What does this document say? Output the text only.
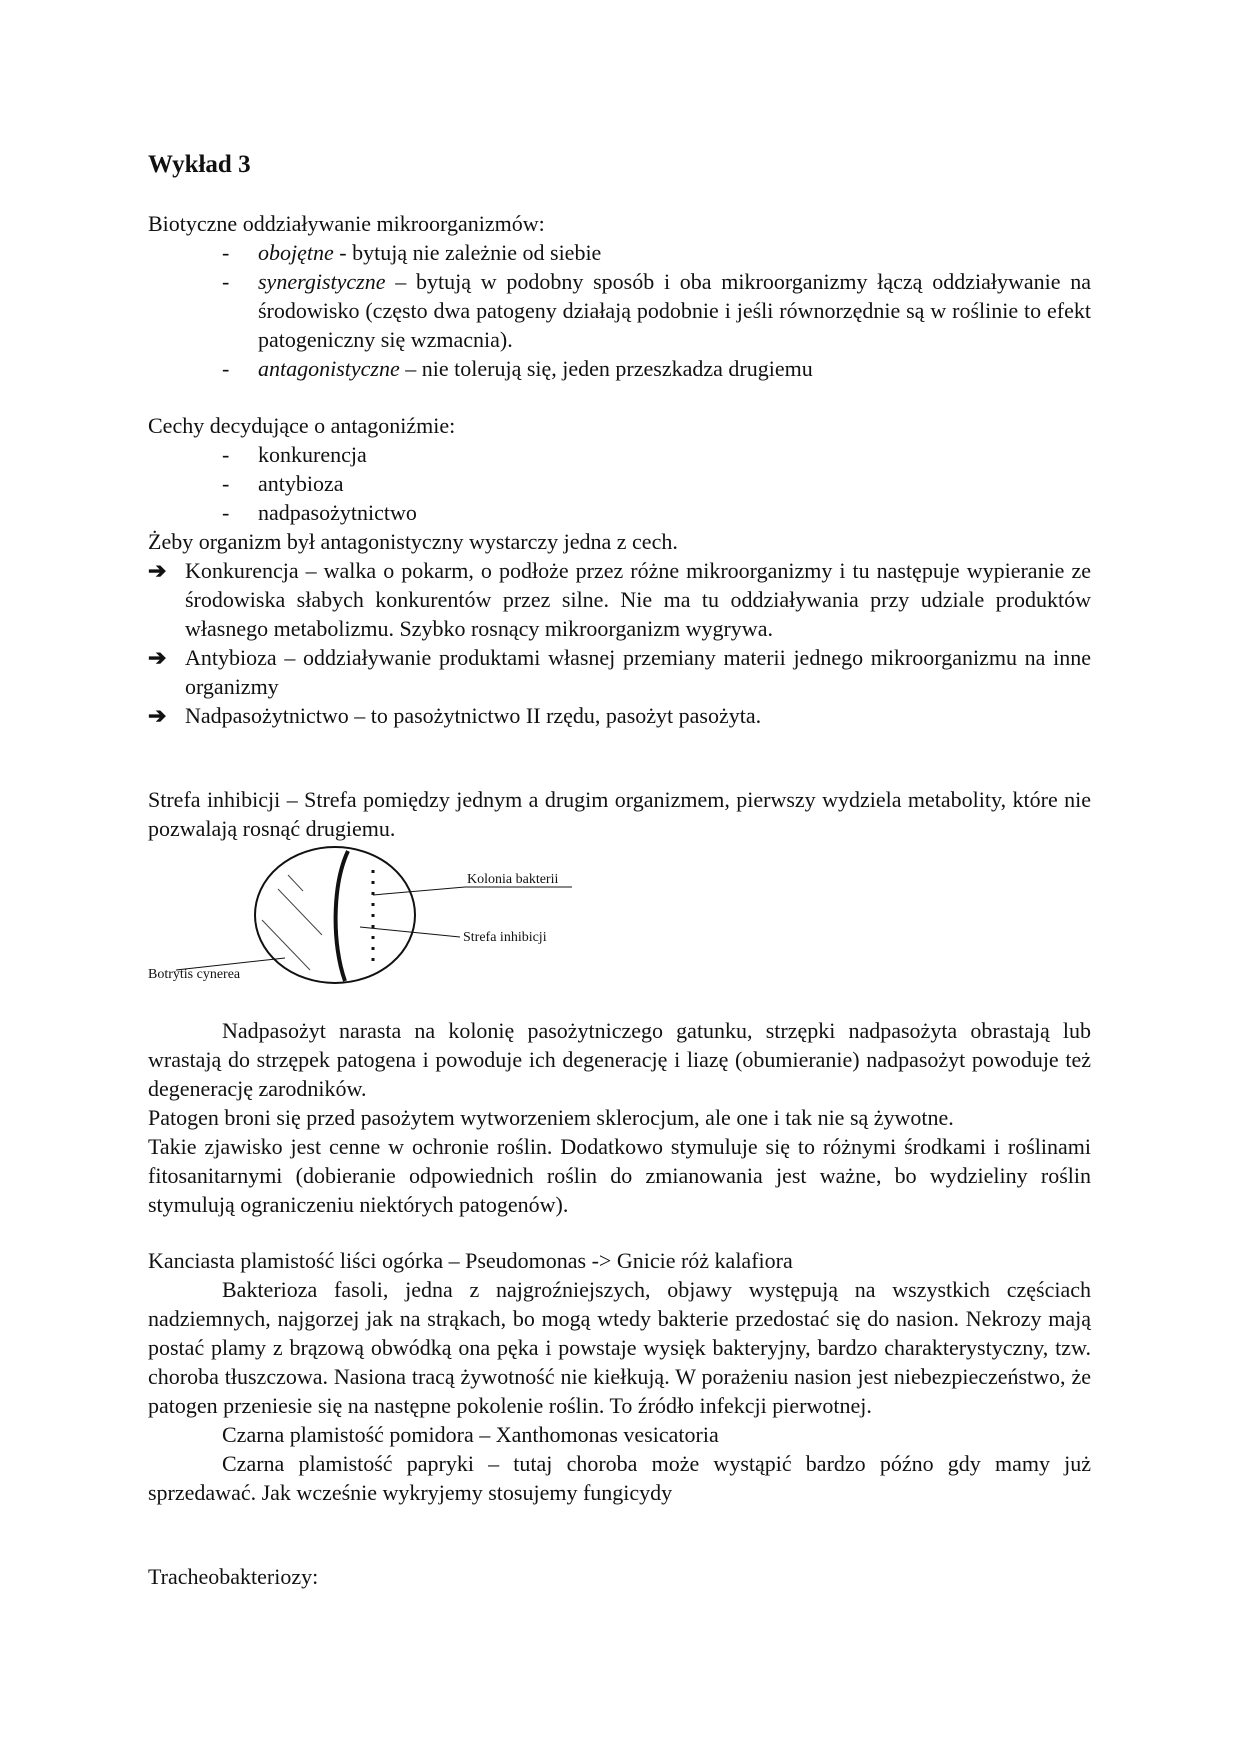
Wykład 3
Biotyczne oddziaływanie mikroorganizmów:
- obojętne - bytują nie zależnie od siebie
- synergistyczne – bytują w podobny sposób i oba mikroorganizmy łączą oddziaływanie na środowisko (często dwa patogeny działają podobnie i jeśli równorzędnie są w roślinie to efekt patogeniczny się wzmacnia).
- antagonistyczne – nie tolerują się, jeden przeszkadza drugiemu
Cechy decydujące o antagoniźmie:
- konkurencja
- antybioza
- nadpasożytnictwo
Żeby organizm był antagonistyczny wystarczy jedna z cech.
➔ Konkurencja – walka o pokarm, o podłoże przez różne mikroorganizmy i tu następuje wypieranie ze środowiska słabych konkurentów przez silne. Nie ma tu oddziaływania przy udziale produktów własnego metabolizmu. Szybko rosnący mikroorganizm wygrywa.
➔ Antybioza – oddziaływanie produktami własnej przemiany materii jednego mikroorganizmu na inne organizmy
➔ Nadpasożytnictwo – to pasożytnictwo II rzędu, pasożyt pasożyta.
Strefa inhibicji – Strefa pomiędzy jednym a drugim organizmem, pierwszy wydziela metabolity, które nie pozwalają rosnąć drugiemu.
Kolonia bakterii
Strefa inhibicji
Botrytis cynerea
Nadpasożyt narasta na kolonię pasożytniczego gatunku, strzępki nadpasożyta obrastają lub wrastają do strzępek patogena i powoduje ich degenerację i liazę (obumieranie) nadpasożyt powoduje też degenerację zarodników.
Patogen broni się przed pasożytem wytworzeniem sklerocjum, ale one i tak nie są żywotne.
Takie zjawisko jest cenne w ochronie roślin. Dodatkowo stymuluje się to różnymi środkami i roślinami fitosanitarnymi (dobieranie odpowiednich roślin do zmianowania jest ważne, bo wydzieliny roślin stymulują ograniczeniu niektórych patogenów).
Kanciasta plamistość liści ogórka – Pseudomonas -> Gnicie róż kalafiora
Bakterioza fasoli, jedna z najgroźniejszych, objawy występują na wszystkich częściach nadziemnych, najgorzej jak na strąkach, bo mogą wtedy bakterie przedostać się do nasion. Nekrozy mają postać plamy z brązową obwódką ona pęka i powstaje wysięk bakteryjny, bardzo charakterystyczny, tzw. choroba tłuszczowa. Nasiona tracą żywotność nie kiełkują. W porażeniu nasion jest niebezpieczeństwo, że patogen przeniesie się na następne pokolenie roślin. To źródło infekcji pierwotnej.
Czarna plamistość pomidora – Xanthomonas vesicatoria
Czarna plamistość papryki – tutaj choroba może wystąpić bardzo późno gdy mamy już sprzedawać. Jak wcześnie wykryjemy stosujemy fungicydy
Tracheobakteriozy:
